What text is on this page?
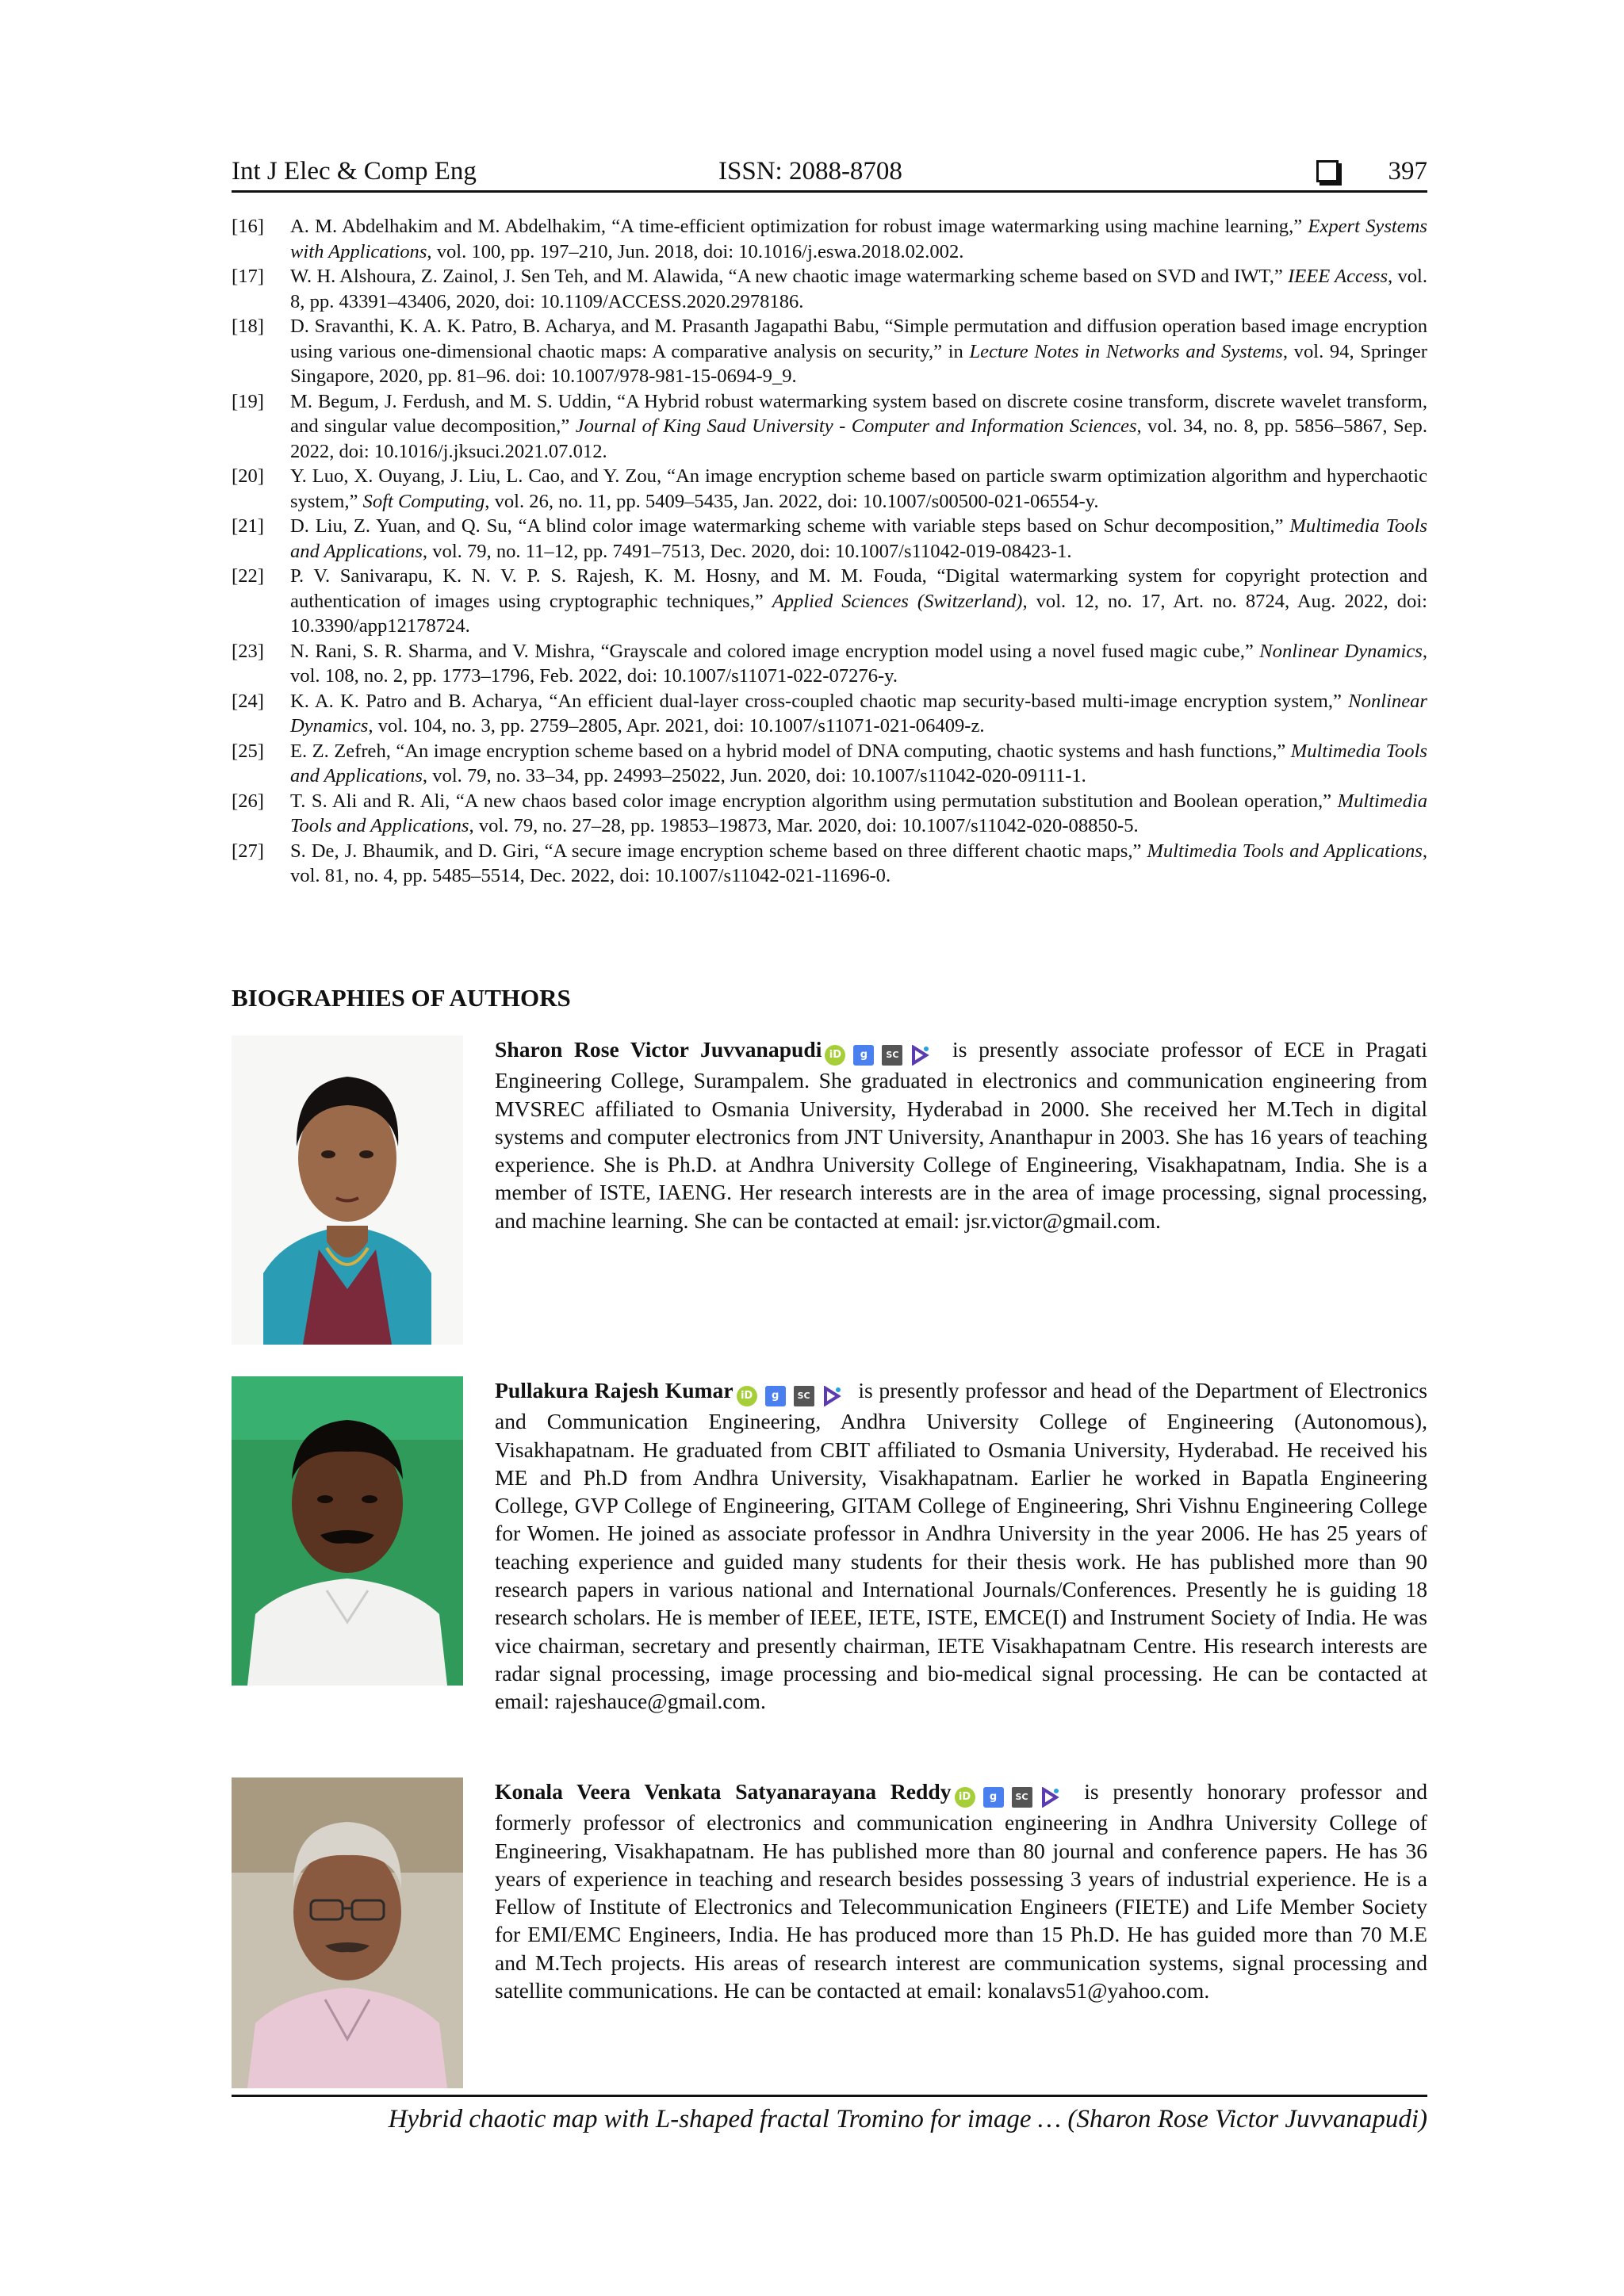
Int J Elec & Comp Eng	ISSN: 2088-8708	397
[16] A. M. Abdelhakim and M. Abdelhakim, “A time-efficient optimization for robust image watermarking using machine learning,” Expert Systems with Applications, vol. 100, pp. 197–210, Jun. 2018, doi: 10.1016/j.eswa.2018.02.002.
[17] W. H. Alshoura, Z. Zainol, J. Sen Teh, and M. Alawida, “A new chaotic image watermarking scheme based on SVD and IWT,” IEEE Access, vol. 8, pp. 43391–43406, 2020, doi: 10.1109/ACCESS.2020.2978186.
[18] D. Sravanthi, K. A. K. Patro, B. Acharya, and M. Prasanth Jagapathi Babu, “Simple permutation and diffusion operation based image encryption using various one-dimensional chaotic maps: A comparative analysis on security,” in Lecture Notes in Networks and Systems, vol. 94, Springer Singapore, 2020, pp. 81–96. doi: 10.1007/978-981-15-0694-9_9.
[19] M. Begum, J. Ferdush, and M. S. Uddin, “A Hybrid robust watermarking system based on discrete cosine transform, discrete wavelet transform, and singular value decomposition,” Journal of King Saud University - Computer and Information Sciences, vol. 34, no. 8, pp. 5856–5867, Sep. 2022, doi: 10.1016/j.jksuci.2021.07.012.
[20] Y. Luo, X. Ouyang, J. Liu, L. Cao, and Y. Zou, “An image encryption scheme based on particle swarm optimization algorithm and hyperchaotic system,” Soft Computing, vol. 26, no. 11, pp. 5409–5435, Jan. 2022, doi: 10.1007/s00500-021-06554-y.
[21] D. Liu, Z. Yuan, and Q. Su, “A blind color image watermarking scheme with variable steps based on Schur decomposition,” Multimedia Tools and Applications, vol. 79, no. 11–12, pp. 7491–7513, Dec. 2020, doi: 10.1007/s11042-019-08423-1.
[22] P. V. Sanivarapu, K. N. V. P. S. Rajesh, K. M. Hosny, and M. M. Fouda, “Digital watermarking system for copyright protection and authentication of images using cryptographic techniques,” Applied Sciences (Switzerland), vol. 12, no. 17, Art. no. 8724, Aug. 2022, doi: 10.3390/app12178724.
[23] N. Rani, S. R. Sharma, and V. Mishra, “Grayscale and colored image encryption model using a novel fused magic cube,” Nonlinear Dynamics, vol. 108, no. 2, pp. 1773–1796, Feb. 2022, doi: 10.1007/s11071-022-07276-y.
[24] K. A. K. Patro and B. Acharya, “An efficient dual-layer cross-coupled chaotic map security-based multi-image encryption system,” Nonlinear Dynamics, vol. 104, no. 3, pp. 2759–2805, Apr. 2021, doi: 10.1007/s11071-021-06409-z.
[25] E. Z. Zefreh, “An image encryption scheme based on a hybrid model of DNA computing, chaotic systems and hash functions,” Multimedia Tools and Applications, vol. 79, no. 33–34, pp. 24993–25022, Jun. 2020, doi: 10.1007/s11042-020-09111-1.
[26] T. S. Ali and R. Ali, “A new chaos based color image encryption algorithm using permutation substitution and Boolean operation,” Multimedia Tools and Applications, vol. 79, no. 27–28, pp. 19853–19873, Mar. 2020, doi: 10.1007/s11042-020-08850-5.
[27] S. De, J. Bhaumik, and D. Giri, “A secure image encryption scheme based on three different chaotic maps,” Multimedia Tools and Applications, vol. 81, no. 4, pp. 5485–5514, Dec. 2022, doi: 10.1007/s11042-021-11696-0.
BIOGRAPHIES OF AUTHORS
Sharon Rose Victor Juvvanapudi iD g SC is presently associate professor of ECE in Pragati Engineering College, Surampalem. She graduated in electronics and communication engineering from MVSREC affiliated to Osmania University, Hyderabad in 2000. She received her M.Tech in digital systems and computer electronics from JNT University, Ananthapur in 2003. She has 16 years of teaching experience. She is Ph.D. at Andhra University College of Engineering, Visakhapatnam, India. She is a member of ISTE, IAENG. Her research interests are in the area of image processing, signal processing, and machine learning. She can be contacted at email: jsr.victor@gmail.com.
Pullakura Rajesh Kumar iD g SC is presently professor and head of the Department of Electronics and Communication Engineering, Andhra University College of Engineering (Autonomous), Visakhapatnam. He graduated from CBIT affiliated to Osmania University, Hyderabad. He received his ME and Ph.D from Andhra University, Visakhapatnam. Earlier he worked in Bapatla Engineering College, GVP College of Engineering, GITAM College of Engineering, Shri Vishnu Engineering College for Women. He joined as associate professor in Andhra University in the year 2006. He has 25 years of teaching experience and guided many students for their thesis work. He has published more than 90 research papers in various national and International Journals/Conferences. Presently he is guiding 18 research scholars. He is member of IEEE, IETE, ISTE, EMCE(I) and Instrument Society of India. He was vice chairman, secretary and presently chairman, IETE Visakhapatnam Centre. His research interests are radar signal processing, image processing and bio-medical signal processing. He can be contacted at email: rajeshauce@gmail.com.
Konala Veera Venkata Satyanarayana Reddy iD g SC is presently honorary professor and formerly professor of electronics and communication engineering in Andhra University College of Engineering, Visakhapatnam. He has published more than 80 journal and conference papers. He has 36 years of experience in teaching and research besides possessing 3 years of industrial experience. He is a Fellow of Institute of Electronics and Telecommunication Engineers (FIETE) and Life Member Society for EMI/EMC Engineers, India. He has produced more than 15 Ph.D. He has guided more than 70 M.E and M.Tech projects. His areas of research interest are communication systems, signal processing and satellite communications. He can be contacted at email: konalavs51@yahoo.com.
Hybrid chaotic map with L-shaped fractal Tromino for image … (Sharon Rose Victor Juvvanapudi)
